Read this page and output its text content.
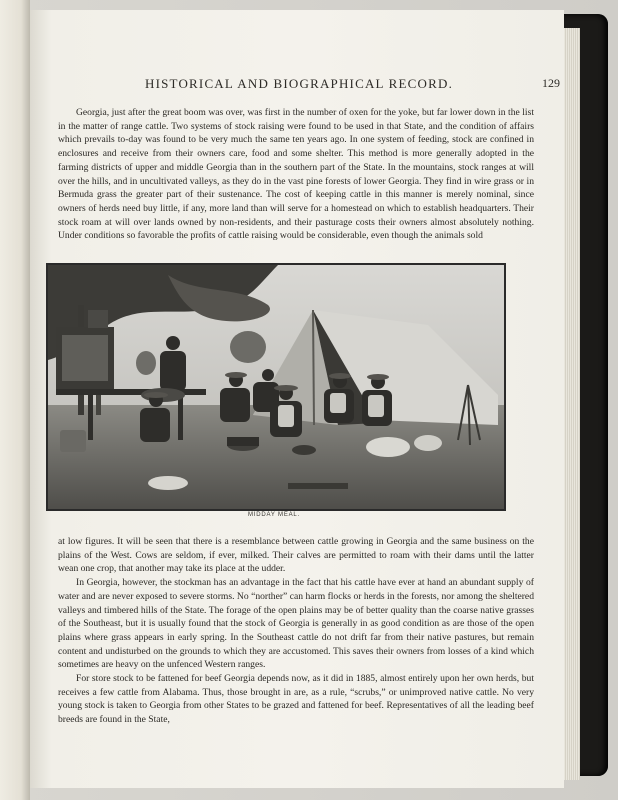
HISTORICAL AND BIOGRAPHICAL RECORD.	129

Georgia, just after the great boom was over, was first in the number of oxen for the yoke, but far lower down in the list in the matter of range cattle. Two systems of stock raising were found to be used in that State, and the condition of affairs which prevails to-day was found to be very much the same ten years ago. In one system of feeding, stock are confined in enclosures and receive from their owners care, food and some shelter. This method is more generally adopted in the farming districts of upper and middle Georgia than in the southern part of the State. In the mountains, stock ranges at will over the hills, and in uncultivated valleys, as they do in the vast pine forests of lower Georgia. They find in wire grass or in Bermuda grass the greater part of their sustenance. The cost of keeping cattle in this manner is merely nominal, since owners of herds need buy little, if any, more land than will serve for a homestead on which to establish headquarters. Their stock roam at will over lands owned by non-residents, and their pasturage costs their owners almost absolutely nothing. Under conditions so favorable the profits of cattle raising would be considerable, even though the animals sold

MIDDAY MEAL.

at low figures. It will be seen that there is a resemblance between cattle growing in Georgia and the same business on the plains of the West. Cows are seldom, if ever, milked. Their calves are permitted to roam with their dams until the latter wean one crop, that another may take its place at the udder.

In Georgia, however, the stockman has an advantage in the fact that his cattle have ever at hand an abundant supply of water and are never exposed to severe storms. No “norther” can harm flocks or herds in the forests, nor among the sheltered valleys and timbered hills of the State. The forage of the open plains may be of better quality than the coarse native grasses of the Southeast, but it is usually found that the stock of Georgia is generally in as good condition as are those of the open plains where grass appears in early spring. In the Southeast cattle do not drift far from their native pastures, but remain content and undisturbed on the grounds to which they are accustomed. This saves their owners from losses of a kind which sometimes are heavy on the unfenced Western ranges.

For store stock to be fattened for beef Georgia depends now, as it did in 1885, almost entirely upon her own herds, but receives a few cattle from Alabama. Thus, those brought in are, as a rule, “scrubs,” or unimproved native cattle. No very young stock is taken to Georgia from other States to be grazed and fattened for beef. Representatives of all the leading beef breeds are found in the State,
